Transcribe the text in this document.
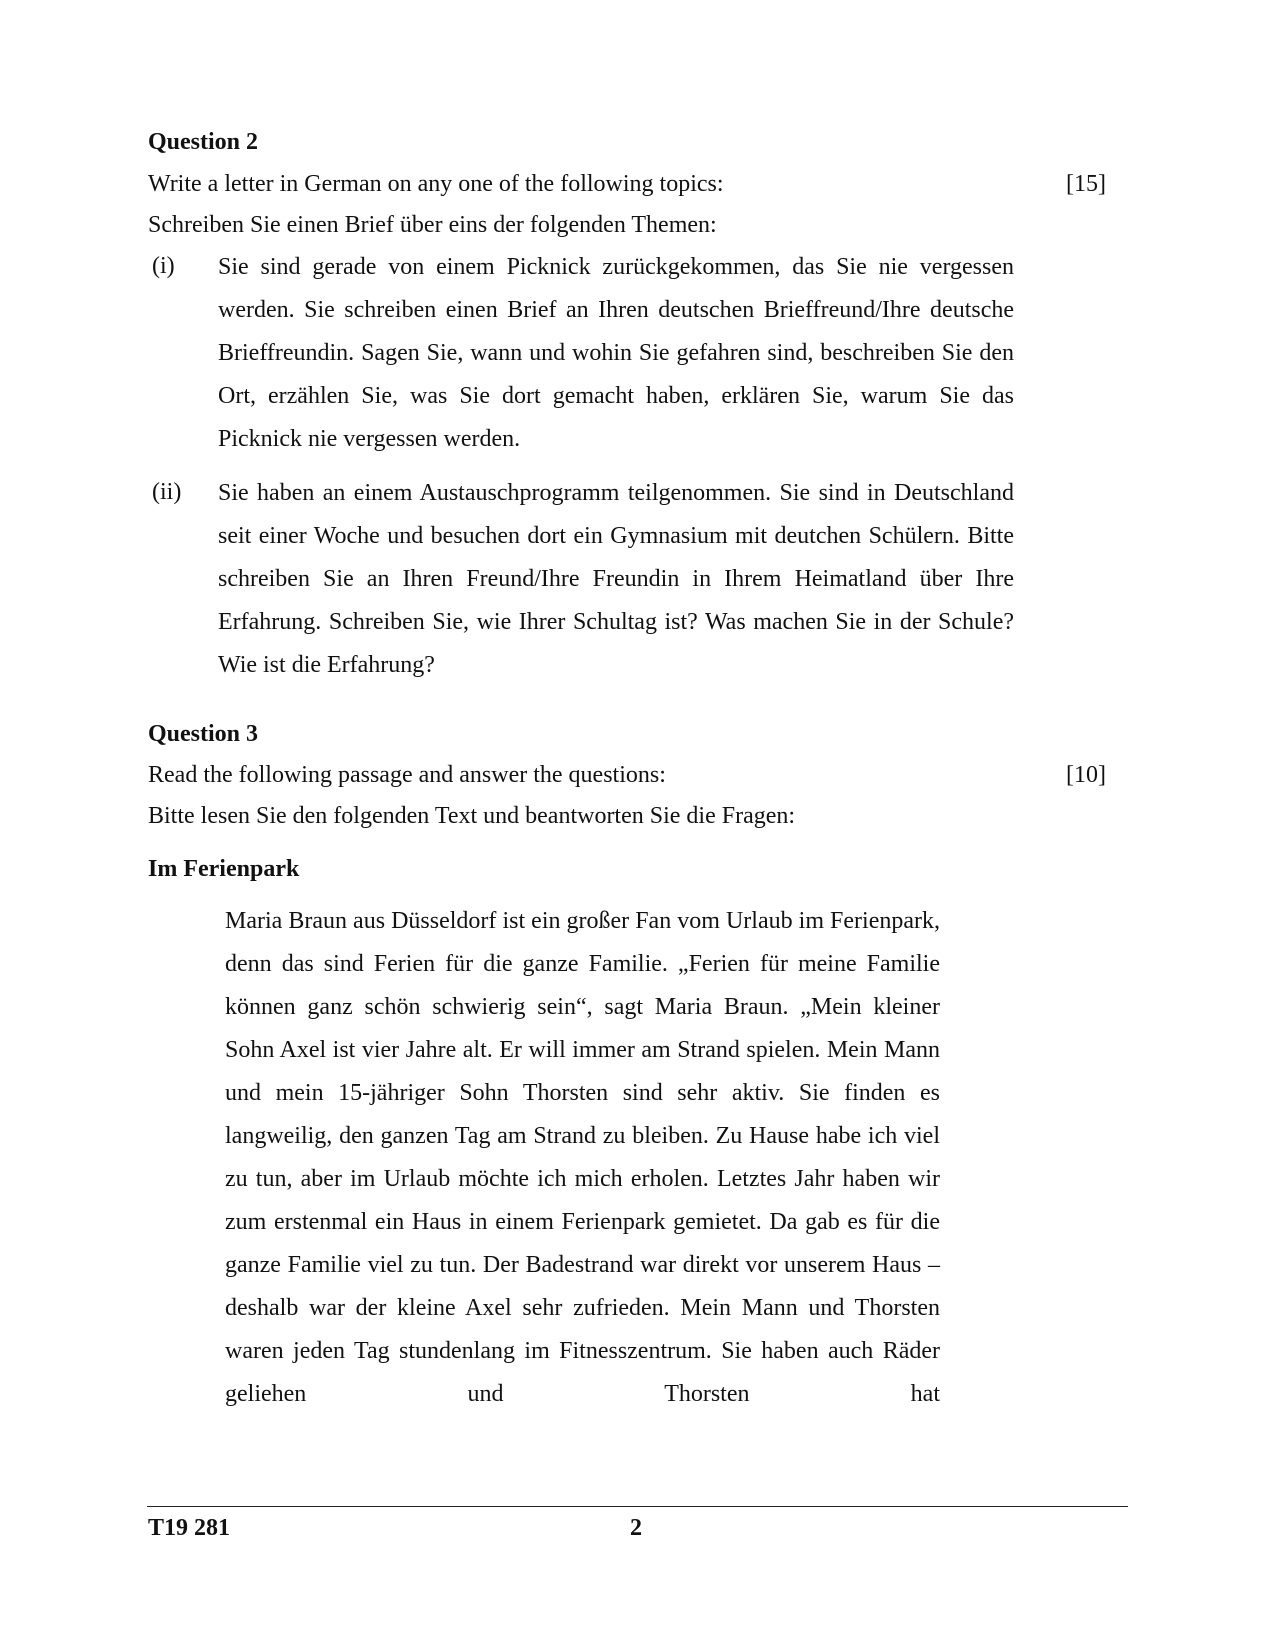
Question 2
Write a letter in German on any one of the following topics:	[15]
Schreiben Sie einen Brief über eins der folgenden Themen:
(i) Sie sind gerade von einem Picknick zurückgekommen, das Sie nie vergessen werden. Sie schreiben einen Brief an Ihren deutschen Brieffreund/Ihre deutsche Brieffreundin. Sagen Sie, wann und wohin Sie gefahren sind, beschreiben Sie den Ort, erzählen Sie, was Sie dort gemacht haben, erklären Sie, warum Sie das Picknick nie vergessen werden.
(ii) Sie haben an einem Austauschprogramm teilgenommen. Sie sind in Deutschland seit einer Woche und besuchen dort ein Gymnasium mit deutchen Schülern. Bitte schreiben Sie an Ihren Freund/Ihre Freundin in Ihrem Heimatland über Ihre Erfahrung. Schreiben Sie, wie Ihrer Schultag ist? Was machen Sie in der Schule? Wie ist die Erfahrung?
Question 3
Read the following passage and answer the questions:	[10]
Bitte lesen Sie den folgenden Text und beantworten Sie die Fragen:
Im Ferienpark
Maria Braun aus Düsseldorf ist ein großer Fan vom Urlaub im Ferienpark, denn das sind Ferien für die ganze Familie. „Ferien für meine Familie können ganz schön schwierig sein“, sagt Maria Braun. „Mein kleiner Sohn Axel ist vier Jahre alt. Er will immer am Strand spielen. Mein Mann und mein 15-jähriger Sohn Thorsten sind sehr aktiv. Sie finden es langweilig, den ganzen Tag am Strand zu bleiben. Zu Hause habe ich viel zu tun, aber im Urlaub möchte ich mich erholen. Letztes Jahr haben wir zum erstenmal ein Haus in einem Ferienpark gemietet. Da gab es für die ganze Familie viel zu tun. Der Badestrand war direkt vor unserem Haus – deshalb war der kleine Axel sehr zufrieden. Mein Mann und Thorsten waren jeden Tag stundenlang im Fitnesszentrum. Sie haben auch Räder geliehen und Thorsten hat
T19 281	2
